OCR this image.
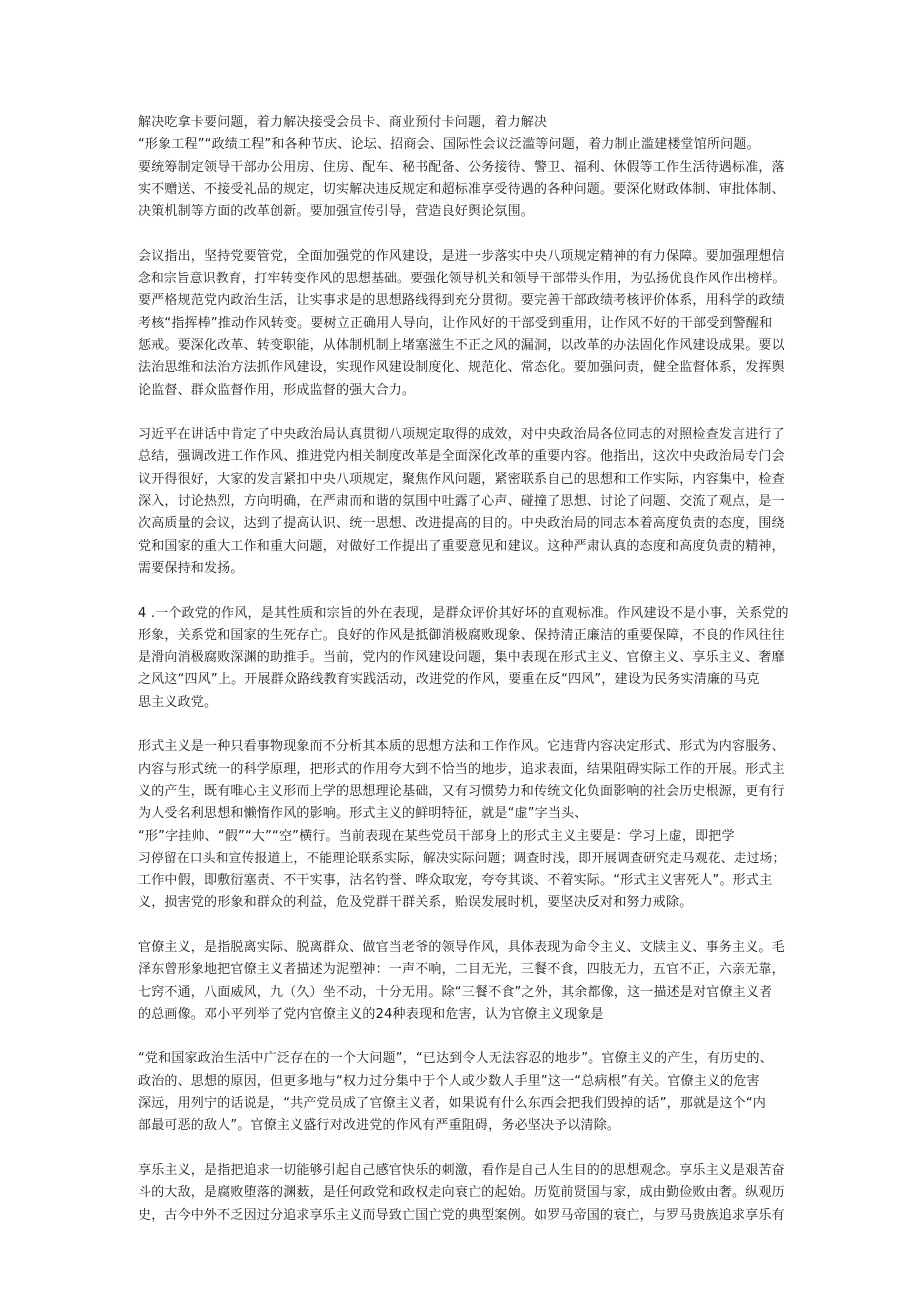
解决吃拿卡要问题，着力解决接受会员卡、商业预付卡问题，着力解决
“形象工程”“政绩工程”和各种节庆、论坛、招商会、国际性会议泛滥等问题，着力制止滥建楼堂馆所问题。
要统筹制定领导干部办公用房、住房、配车、秘书配备、公务接待、警卫、福利、休假等工作生活待遇标准，落
实不赠送、不接受礼品的规定，切实解决违反规定和超标准享受待遇的各种问题。要深化财政体制、审批体制、
决策机制等方面的改革创新。要加强宣传引导，营造良好舆论氛围。
会议指出，坚持党要管党，全面加强党的作风建设，是进一步落实中央八项规定精神的有力保障。要加强理想信
念和宗旨意识教育，打牢转变作风的思想基础。要强化领导机关和领导干部带头作用，为弘扬优良作风作出榜样。
要严格规范党内政治生活，让实事求是的思想路线得到充分贯彻。要完善干部政绩考核评价体系，用科学的政绩
考核“指挥棒”推动作风转变。要树立正确用人导向，让作风好的干部受到重用，让作风不好的干部受到警醒和
惩戒。要深化改革、转变职能，从体制机制上堵塞滋生不正之风的漏洞，以改革的办法固化作风建设成果。要以
法治思维和法治方法抓作风建设，实现作风建设制度化、规范化、常态化。要加强问责，健全监督体系，发挥舆
论监督、群众监督作用，形成监督的强大合力。
习近平在讲话中肯定了中央政治局认真贯彻八项规定取得的成效，对中央政治局各位同志的对照检查发言进行了
总结，强调改进工作作风、推进党内相关制度改革是全面深化改革的重要内容。他指出，这次中央政治局专门会
议开得很好，大家的发言紧扣中央八项规定，聚焦作风问题，紧密联系自己的思想和工作实际，内容集中，检查
深入，讨论热烈，方向明确，在严肃而和谐的氛围中吐露了心声、碰撞了思想、讨论了问题、交流了观点，是一
次高质量的会议，达到了提高认识、统一思想、改进提高的目的。中央政治局的同志本着高度负责的态度，围绕
党和国家的重大工作和重大问题，对做好工作提出了重要意见和建议。这种严肃认真的态度和高度负责的精神，
需要保持和发扬。
4 .一个政党的作风，是其性质和宗旨的外在表现，是群众评价其好坏的直观标准。作风建设不是小事，关系党的
形象，关系党和国家的生死存亡。良好的作风是抵御消极腐败现象、保持清正廉洁的重要保障，不良的作风往往
是滑向消极腐败深渊的助推手。当前，党内的作风建设问题，集中表现在形式主义、官僚主义、享乐主义、奢靡
之风这“四风”上。开展群众路线教育实践活动，改进党的作风，要重在反“四风”，建设为民务实清廉的马克
思主义政党。
形式主义是一种只看事物现象而不分析其本质的思想方法和工作作风。它违背内容决定形式、形式为内容服务、
内容与形式统一的科学原理，把形式的作用夸大到不恰当的地步，追求表面，结果阻碍实际工作的开展。形式主
义的产生，既有唯心主义形而上学的思想理论基础，又有习惯势力和传统文化负面影响的社会历史根源，更有行
为人受名利思想和懒惰作风的影响。形式主义的鲜明特征，就是“虚”字当头、
“形”字挂帅、“假”“大”“空”横行。当前表现在某些党员干部身上的形式主义主要是：学习上虚，即把学
习停留在口头和宣传报道上，不能理论联系实际，解决实际问题；调查时浅，即开展调查研究走马观花、走过场；
工作中假，即敷衍塞责、不干实事，沽名钓誉、哗众取宠，夸夸其谈、不着实际。“形式主义害死人”。形式主
义，损害党的形象和群众的利益，危及党群干群关系，贻误发展时机，要坚决反对和努力戒除。
官僚主义，是指脱离实际、脱离群众、做官当老爷的领导作风，具体表现为命令主义、文牍主义、事务主义。毛
泽东曾形象地把官僚主义者描述为泥塑神：一声不响，二目无光，三餐不食，四肢无力，五官不正，六亲无靠，
七窍不通，八面威风，九（久）坐不动，十分无用。除“三餐不食”之外，其余都像，这一描述是对官僚主义者
的总画像。邓小平列举了党内官僚主义的24种表现和危害，认为官僚主义现象是
“党和国家政治生活中广泛存在的一个大问题”，“已达到令人无法容忍的地步”。官僚主义的产生，有历史的、
政治的、思想的原因，但更多地与“权力过分集中于个人或少数人手里”这一“总病根”有关。官僚主义的危害
深远，用列宁的话说是，“共产党员成了官僚主义者，如果说有什么东西会把我们毁掉的话”，那就是这个“内
部最可恶的敌人”。官僚主义盛行对改进党的作风有严重阻碍，务必坚决予以清除。
享乐主义，是指把追求一切能够引起自己感官快乐的刺激，看作是自己人生目的的思想观念。享乐主义是艰苦奋
斗的大敌，是腐败堕落的渊薮，是任何政党和政权走向衰亡的起始。历览前贤国与家，成由勤俭败由奢。纵观历
史，古今中外不乏因过分追求享乐主义而导致亡国亡党的典型案例。如罗马帝国的衰亡，与罗马贵族追求享乐有
